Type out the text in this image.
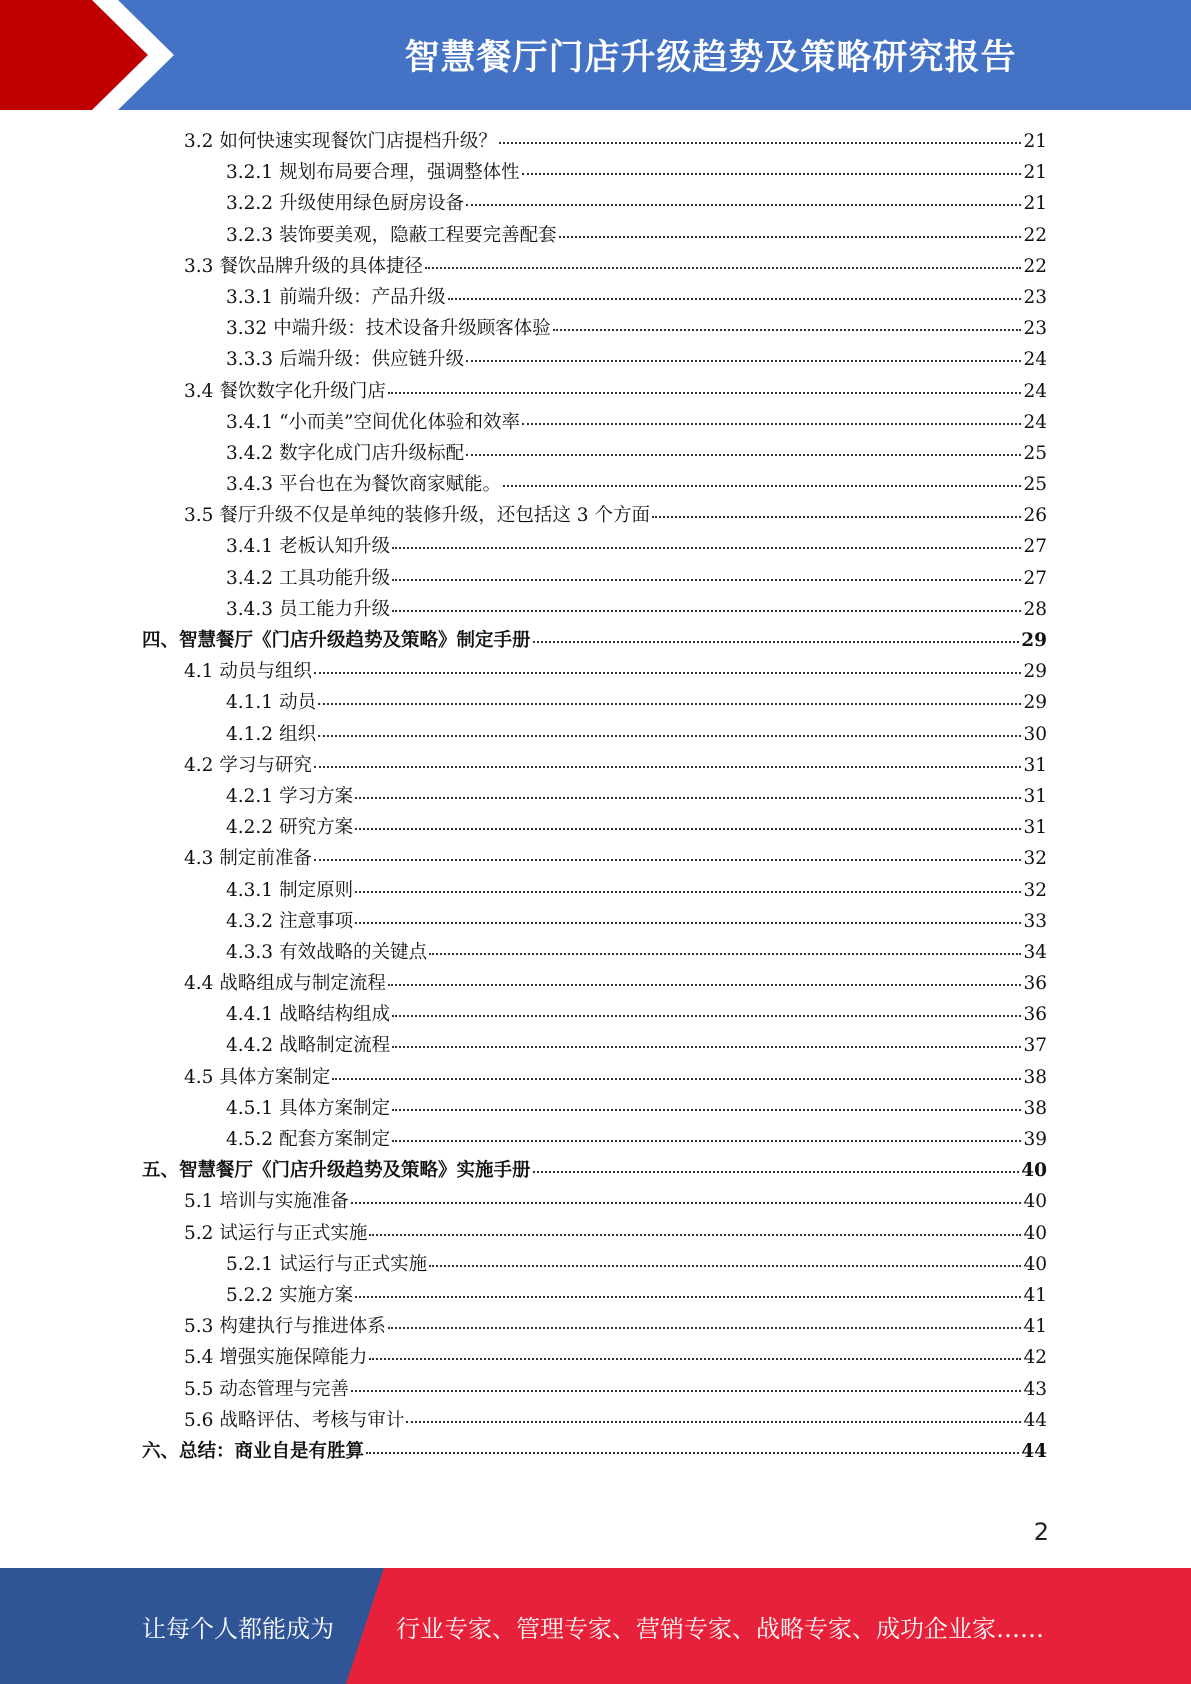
智慧餐厅门店升级趋势及策略研究报告
3.2 如何快速实现餐饮门店提档升级？	21
3.2.1 规划布局要合理，强调整体性	21
3.2.2 升级使用绿色厨房设备	21
3.2.3 装饰要美观，隐蔽工程要完善配套	22
3.3 餐饮品牌升级的具体捷径	22
3.3.1 前端升级：产品升级	23
3.32 中端升级：技术设备升级顾客体验	23
3.3.3 后端升级：供应链升级	24
3.4 餐饮数字化升级门店	24
3.4.1 “小而美”空间优化体验和效率	24
3.4.2 数字化成门店升级标配	25
3.4.3 平台也在为餐饮商家赋能。	25
3.5 餐厅升级不仅是单纯的装修升级，还包括这 3 个方面	26
3.4.1 老板认知升级	27
3.4.2 工具功能升级	27
3.4.3 员工能力升级	28
四、 智慧餐厅《门店升级趋势及策略》制定手册	29
4.1 动员与组织	29
4.1.1 动员	29
4.1.2 组织	30
4.2 学习与研究	31
4.2.1 学习方案	31
4.2.2 研究方案	31
4.3 制定前准备	32
4.3.1 制定原则	32
4.3.2 注意事项	33
4.3.3 有效战略的关键点	34
4.4 战略组成与制定流程	36
4.4.1 战略结构组成	36
4.4.2 战略制定流程	37
4.5 具体方案制定	38
4.5.1 具体方案制定	38
4.5.2 配套方案制定	39
五、 智慧餐厅《门店升级趋势及策略》实施手册	40
5.1 培训与实施准备	40
5.2 试运行与正式实施	40
5.2.1 试运行与正式实施	40
5.2.2 实施方案	41
5.3 构建执行与推进体系	41
5.4 增强实施保障能力	42
5.5 动态管理与完善	43
5.6 战略评估、考核与审计	44
六、 总结：商业自是有胜算	44
2
让每个人都能成为	行业专家、管理专家、营销专家、战略专家、成功企业家……
